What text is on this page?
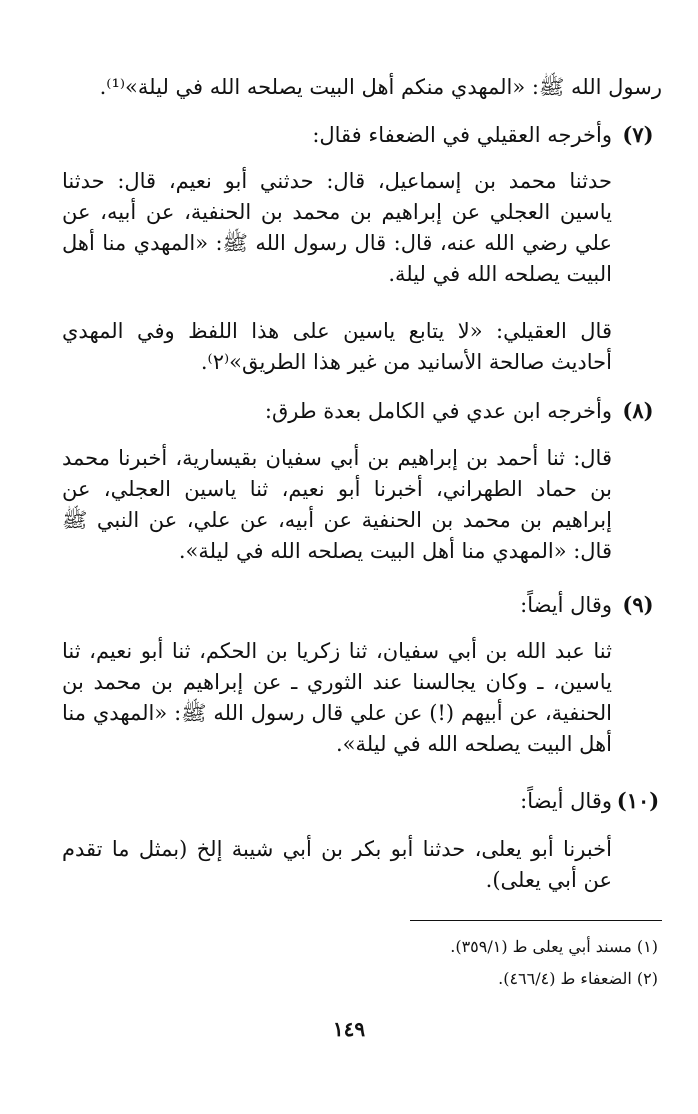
رسول الله ﷺ: «المهدي منكم أهل البيت يصلحه الله في ليلة»⁽¹⁾.
(٧)
وأخرجه العقيلي في الضعفاء فقال:
حدثنا محمد بن إسماعيل، قال: حدثني أبو نعيم، قال: حدثنا ياسين العجلي عن إبراهيم بن محمد بن الحنفية، عن أبيه، عن علي رضي الله عنه، قال: قال رسول الله ﷺ: «المهدي منا أهل البيت يصلحه الله في ليلة.
قال العقيلي: «لا يتابع ياسين على هذا اللفظ وفي المهدي أحاديث صالحة الأسانيد من غير هذا الطريق»⁽٢⁾.
(٨)
وأخرجه ابن عدي في الكامل بعدة طرق:
قال: ثنا أحمد بن إبراهيم بن أبي سفيان بقيسارية، أخبرنا محمد بن حماد الطهراني، أخبرنا أبو نعيم، ثنا ياسين العجلي، عن إبراهيم بن محمد بن الحنفية عن أبيه، عن علي، عن النبي ﷺ قال: «المهدي منا أهل البيت يصلحه الله في ليلة».
(٩)
وقال أيضاً:
ثنا عبد الله بن أبي سفيان، ثنا زكريا بن الحكم، ثنا أبو نعيم، ثنا ياسين، ـ وكان يجالسنا عند الثوري ـ عن إبراهيم بن محمد بن الحنفية، عن أبيهم (!) عن علي قال رسول الله ﷺ: «المهدي منا أهل البيت يصلحه الله في ليلة».
(١٠)
وقال أيضاً:
أخبرنا أبو يعلى، حدثنا أبو بكر بن أبي شيبة إلخ (بمثل ما تقدم عن أبي يعلى).
(١) مسند أبي يعلى ط (٣٥٩/١).
(٢) الضعفاء ط (٤٦٦/٤).
١٤٩
